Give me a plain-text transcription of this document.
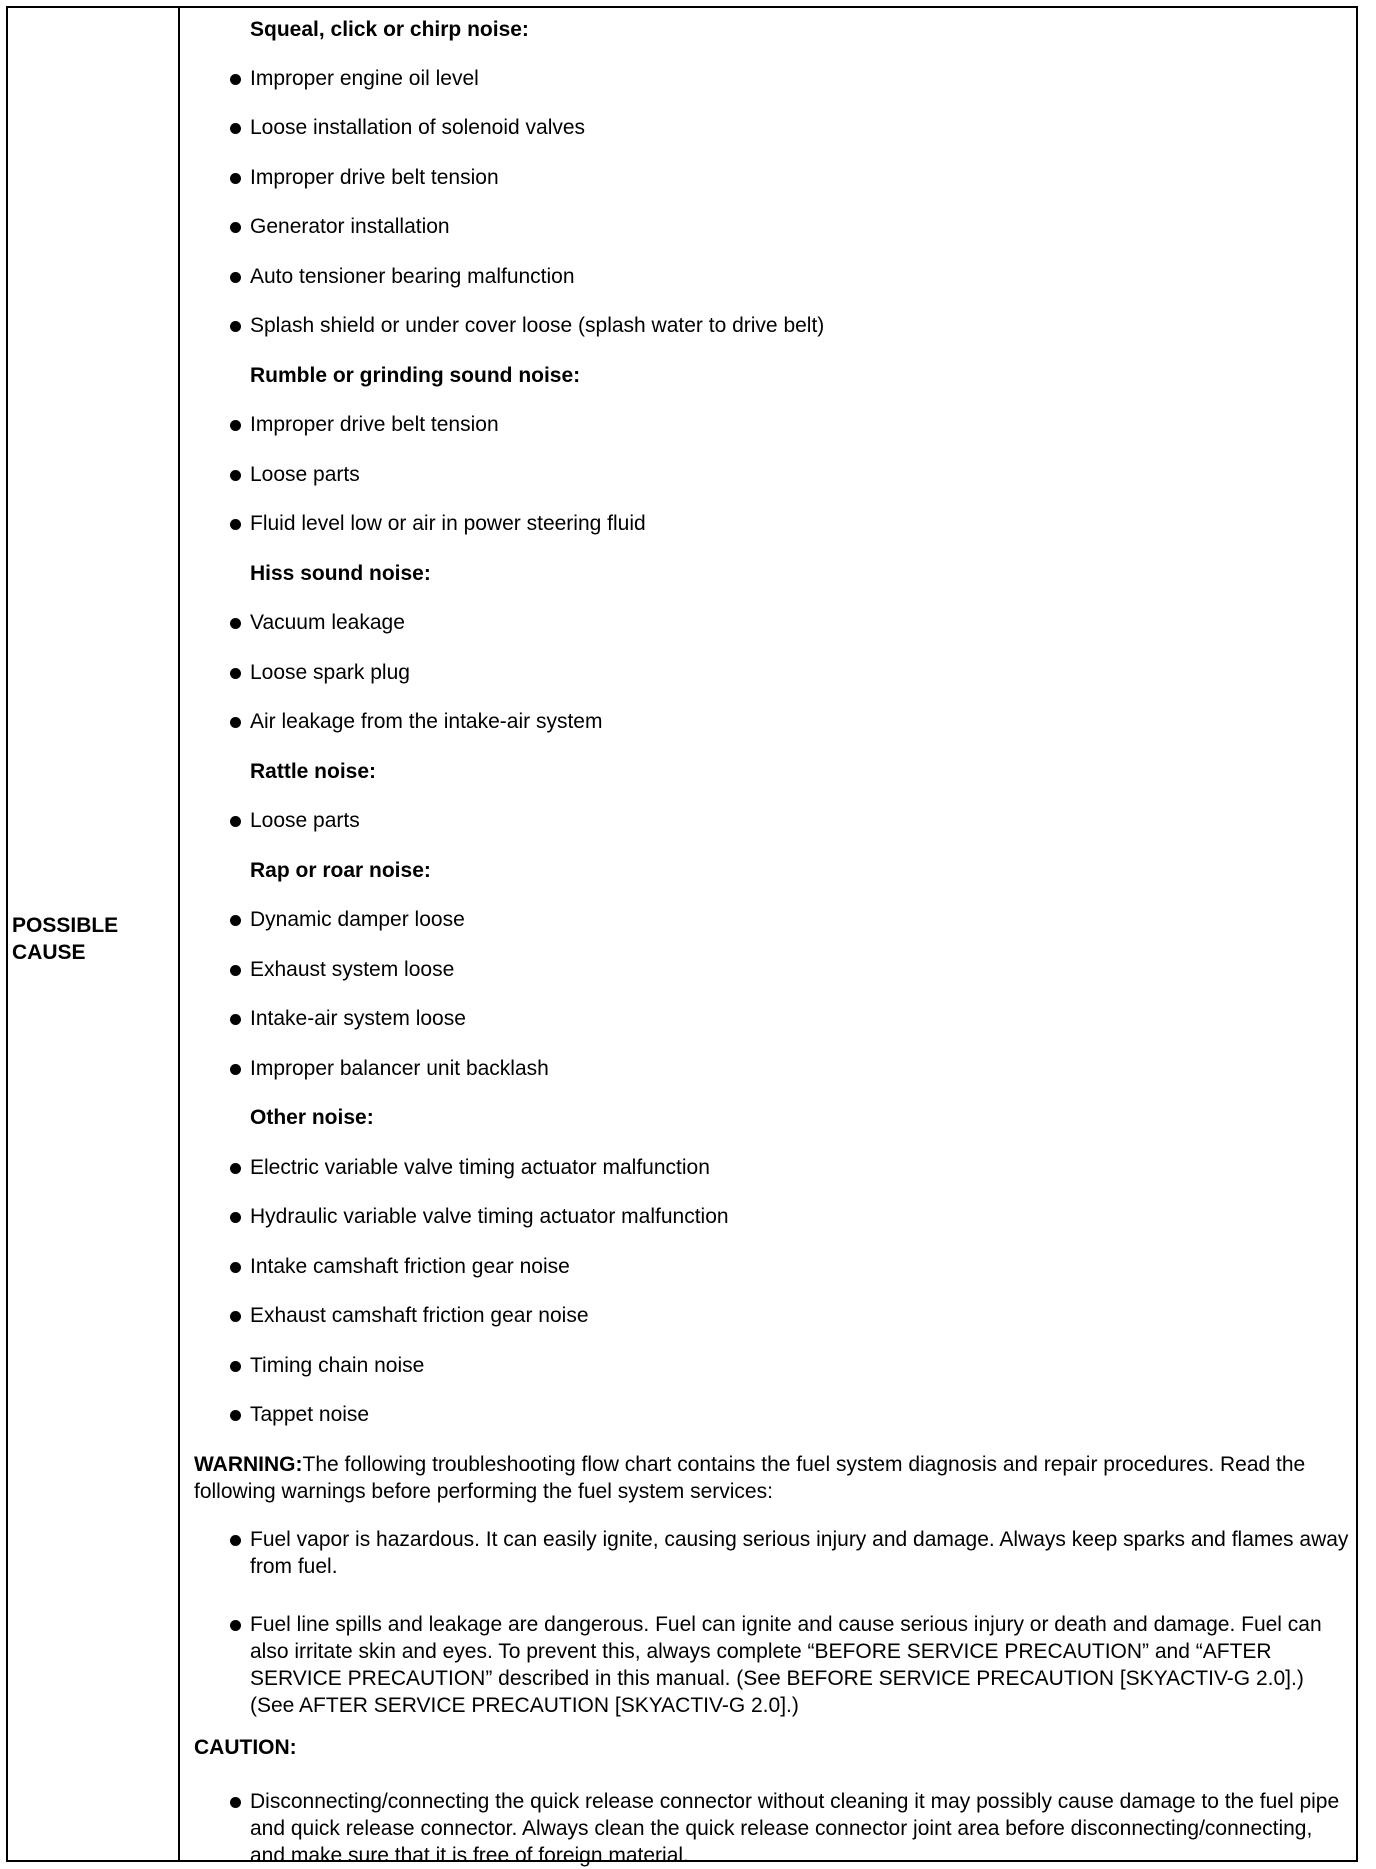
POSSIBLE
CAUSE
Squeal, click or chirp noise:
Improper engine oil level
Loose installation of solenoid valves
Improper drive belt tension
Generator installation
Auto tensioner bearing malfunction
Splash shield or under cover loose (splash water to drive belt)
Rumble or grinding sound noise:
Improper drive belt tension
Loose parts
Fluid level low or air in power steering fluid
Hiss sound noise:
Vacuum leakage
Loose spark plug
Air leakage from the intake-air system
Rattle noise:
Loose parts
Rap or roar noise:
Dynamic damper loose
Exhaust system loose
Intake-air system loose
Improper balancer unit backlash
Other noise:
Electric variable valve timing actuator malfunction
Hydraulic variable valve timing actuator malfunction
Intake camshaft friction gear noise
Exhaust camshaft friction gear noise
Timing chain noise
Tappet noise
WARNING:The following troubleshooting flow chart contains the fuel system diagnosis and repair procedures. Read the following warnings before performing the fuel system services:
Fuel vapor is hazardous. It can easily ignite, causing serious injury and damage. Always keep sparks and flames away from fuel.
Fuel line spills and leakage are dangerous. Fuel can ignite and cause serious injury or death and damage. Fuel can also irritate skin and eyes. To prevent this, always complete “BEFORE SERVICE PRECAUTION” and “AFTER SERVICE PRECAUTION” described in this manual. (See BEFORE SERVICE PRECAUTION [SKYACTIV-G 2.0].) (See AFTER SERVICE PRECAUTION [SKYACTIV-G 2.0].)
CAUTION:
Disconnecting/connecting the quick release connector without cleaning it may possibly cause damage to the fuel pipe and quick release connector. Always clean the quick release connector joint area before disconnecting/connecting, and make sure that it is free of foreign material.
